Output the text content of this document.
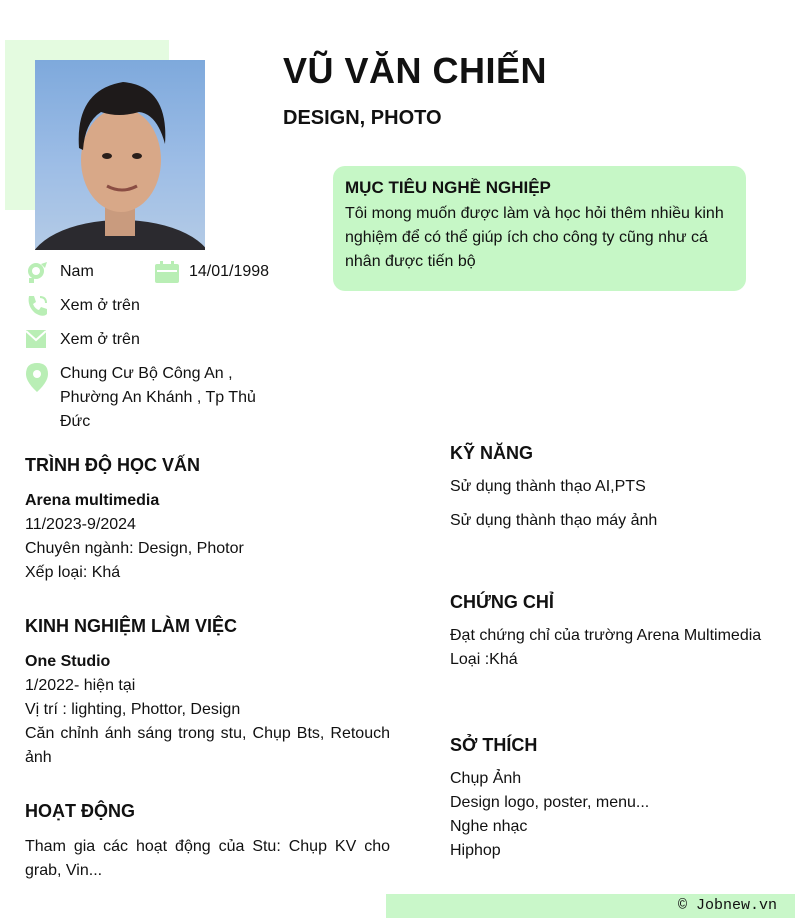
VŨ VĂN CHIẾN
DESIGN, PHOTO
MỤC TIÊU NGHỀ NGHIỆP

Tôi mong muốn được làm và học hỏi thêm nhiều kinh nghiệm để có thể giúp ích cho công ty cũng như cá nhân được tiến bộ

Nam	14/01/1998
Xem ở trên
Xem ở trên
Chung Cư Bộ Công An , Phường An Khánh , Tp Thủ Đức
TRÌNH ĐỘ HỌC VẤN
Arena multimedia
11/2023-9/2024
Chuyên ngành: Design, Photor
Xếp loại: Khá
KINH NGHIỆM LÀM VIỆC
One Studio
1/2022- hiện tại
Vị trí : lighting, Phottor, Design
Căn chỉnh ánh sáng trong stu, Chụp Bts, Retouch ảnh
HOẠT ĐỘNG
Tham gia các hoạt động của Stu: Chụp KV cho grab, Vin...
KỸ NĂNG
Sử dụng thành thạo AI,PTS
Sử dụng thành thạo máy ảnh
CHỨNG CHỈ
Đạt chứng chỉ của trường Arena Multimedia
Loại :Khá
SỞ THÍCH
Chụp Ảnh
Design logo, poster, menu...
Nghe nhạc
Hiphop
© Jobnew.vn
